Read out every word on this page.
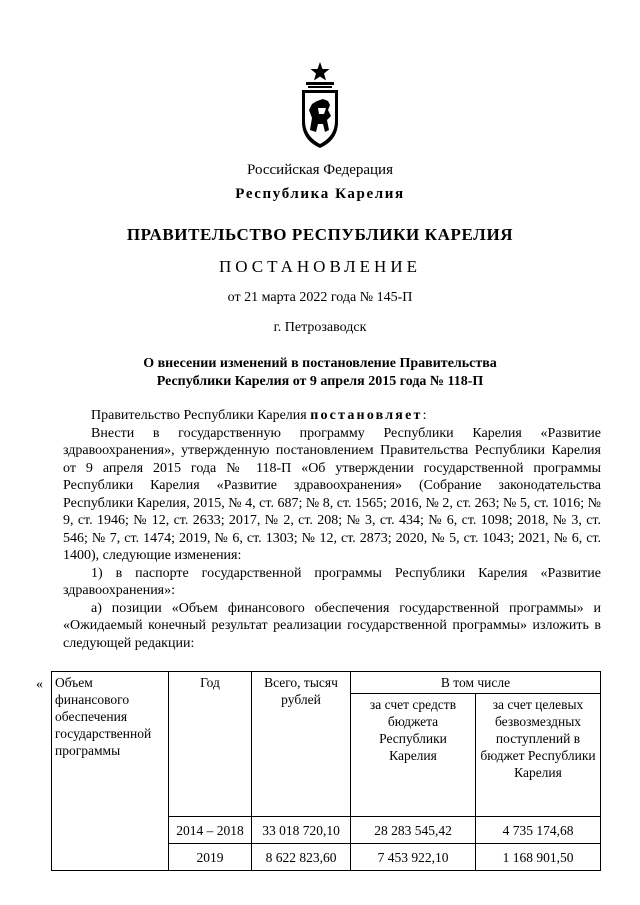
Российская Федерация
Республика Карелия
ПРАВИТЕЛЬСТВО РЕСПУБЛИКИ КАРЕЛИЯ
ПОСТАНОВЛЕНИЕ
от 21 марта 2022 года № 145-П
г. Петрозаводск
О внесении изменений в постановление Правительства
Республики Карелия от 9 апреля 2015 года № 118-П

Правительство Республики Карелия постановляет:

Внести в государственную программу Республики Карелия «Развитие здравоохранения», утвержденную постановлением Правительства Республики Карелия от 9 апреля 2015 года № 118-П «Об утверждении государственной программы Республики Карелия «Развитие здравоохранения» (Собрание законодательства Республики Карелия, 2015, № 4, ст. 687; № 8, ст. 1565; 2016, № 2, ст. 263; № 5, ст. 1016; № 9, ст. 1946; № 12, ст. 2633; 2017, № 2, ст. 208; № 3, ст. 434; № 6, ст. 1098; 2018, № 3, ст. 546; № 7, ст. 1474; 2019, № 6, ст. 1303; № 12, ст. 2873; 2020, № 5, ст. 1043; 2021, № 6, ст. 1400), следующие изменения:

1) в паспорте государственной программы Республики Карелия «Развитие здравоохранения»:

а) позиции «Объем финансового обеспечения государственной программы» и «Ожидаемый конечный результат реализации государственной программы» изложить в следующей редакции:

« Объем финансового обеспечения государственной программы	Год	Всего, тысяч рублей	В том числе	
			за счет средств бюджета Республики Карелия	за счет целевых безвозмездных поступлений в бюджет Республики Карелия
	2014 – 2018	33 018 720,10	28 283 545,42	4 735 174,68
	2019	8 622 823,60	7 453 922,10	1 168 901,50
